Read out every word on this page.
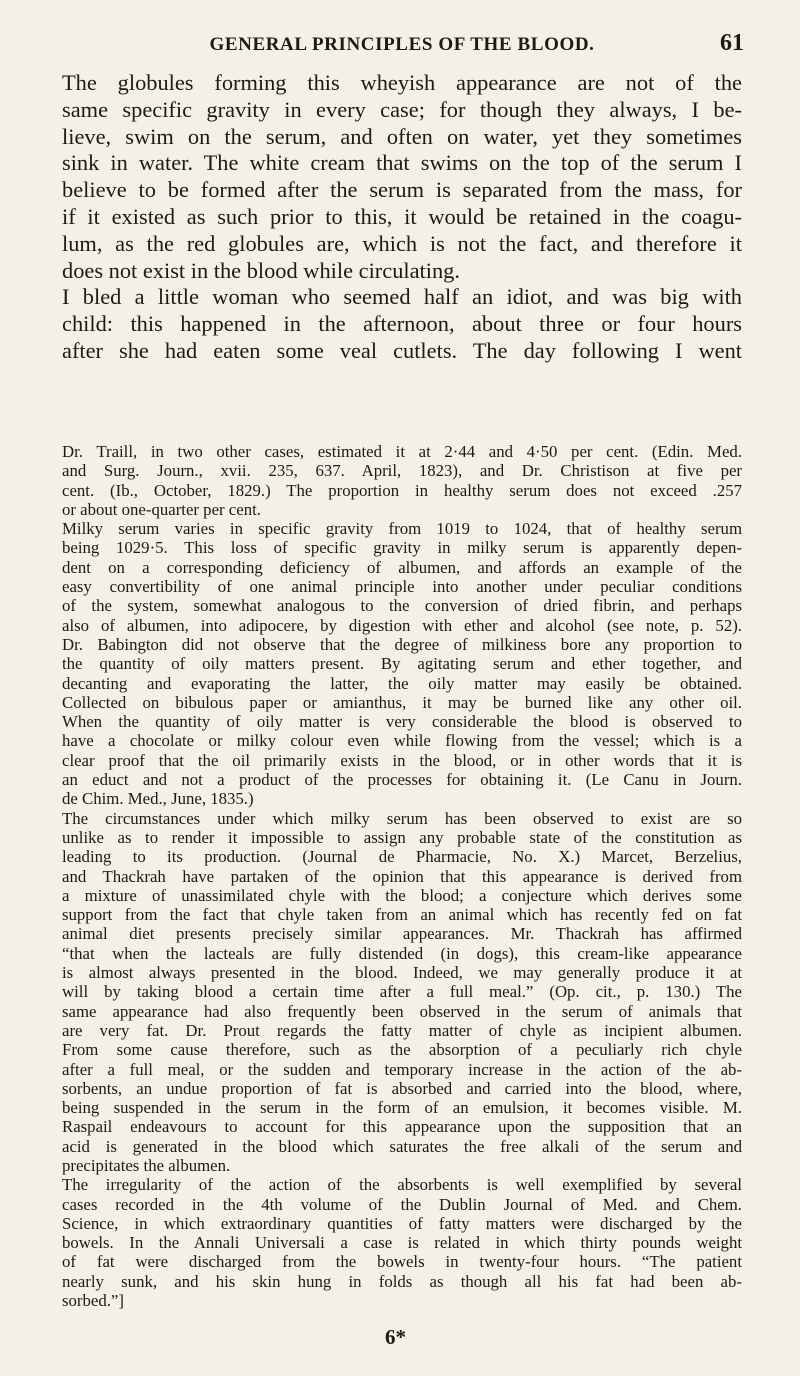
GENERAL PRINCIPLES OF THE BLOOD.	61
The globules forming this wheyish appearance are not of the
same specific gravity in every case; for though they always, I be-
lieve, swim on the serum, and often on water, yet they sometimes
sink in water. The white cream that swims on the top of the serum I
believe to be formed after the serum is separated from the mass, for
if it existed as such prior to this, it would be retained in the coagu-
lum, as the red globules are, which is not the fact, and therefore it
does not exist in the blood while circulating.
I bled a little woman who seemed half an idiot, and was big with
child: this happened in the afternoon, about three or four hours
after she had eaten some veal cutlets. The day following I went
Dr. Traill, in two other cases, estimated it at 2·44 and 4·50 per cent. (Edin. Med.
and Surg. Journ., xvii. 235, 637. April, 1823), and Dr. Christison at five per
cent. (Ib., October, 1829.) The proportion in healthy serum does not exceed .257
or about one-quarter per cent.
Milky serum varies in specific gravity from 1019 to 1024, that of healthy serum
being 1029·5. This loss of specific gravity in milky serum is apparently depen-
dent on a corresponding deficiency of albumen, and affords an example of the
easy convertibility of one animal principle into another under peculiar conditions
of the system, somewhat analogous to the conversion of dried fibrin, and perhaps
also of albumen, into adipocere, by digestion with ether and alcohol (see note, p. 52).
Dr. Babington did not observe that the degree of milkiness bore any proportion to
the quantity of oily matters present. By agitating serum and ether together, and
decanting and evaporating the latter, the oily matter may easily be obtained.
Collected on bibulous paper or amianthus, it may be burned like any other oil.
When the quantity of oily matter is very considerable the blood is observed to
have a chocolate or milky colour even while flowing from the vessel; which is a
clear proof that the oil primarily exists in the blood, or in other words that it is
an educt and not a product of the processes for obtaining it. (Le Canu in Journ.
de Chim. Med., June, 1835.)
The circumstances under which milky serum has been observed to exist are so
unlike as to render it impossible to assign any probable state of the constitution as
leading to its production. (Journal de Pharmacie, No. X.) Marcet, Berzelius,
and Thackrah have partaken of the opinion that this appearance is derived from
a mixture of unassimilated chyle with the blood; a conjecture which derives some
support from the fact that chyle taken from an animal which has recently fed on fat
animal diet presents precisely similar appearances. Mr. Thackrah has affirmed
“that when the lacteals are fully distended (in dogs), this cream-like appearance
is almost always presented in the blood. Indeed, we may generally produce it at
will by taking blood a certain time after a full meal.” (Op. cit., p. 130.) The
same appearance had also frequently been observed in the serum of animals that
are very fat. Dr. Prout regards the fatty matter of chyle as incipient albumen.
From some cause therefore, such as the absorption of a peculiarly rich chyle
after a full meal, or the sudden and temporary increase in the action of the ab-
sorbents, an undue proportion of fat is absorbed and carried into the blood, where,
being suspended in the serum in the form of an emulsion, it becomes visible. M.
Raspail endeavours to account for this appearance upon the supposition that an
acid is generated in the blood which saturates the free alkali of the serum and
precipitates the albumen.
The irregularity of the action of the absorbents is well exemplified by several
cases recorded in the 4th volume of the Dublin Journal of Med. and Chem.
Science, in which extraordinary quantities of fatty matters were discharged by the
bowels. In the Annali Universali a case is related in which thirty pounds weight
of fat were discharged from the bowels in twenty-four hours. “The patient
nearly sunk, and his skin hung in folds as though all his fat had been ab-
sorbed.”]
6*
